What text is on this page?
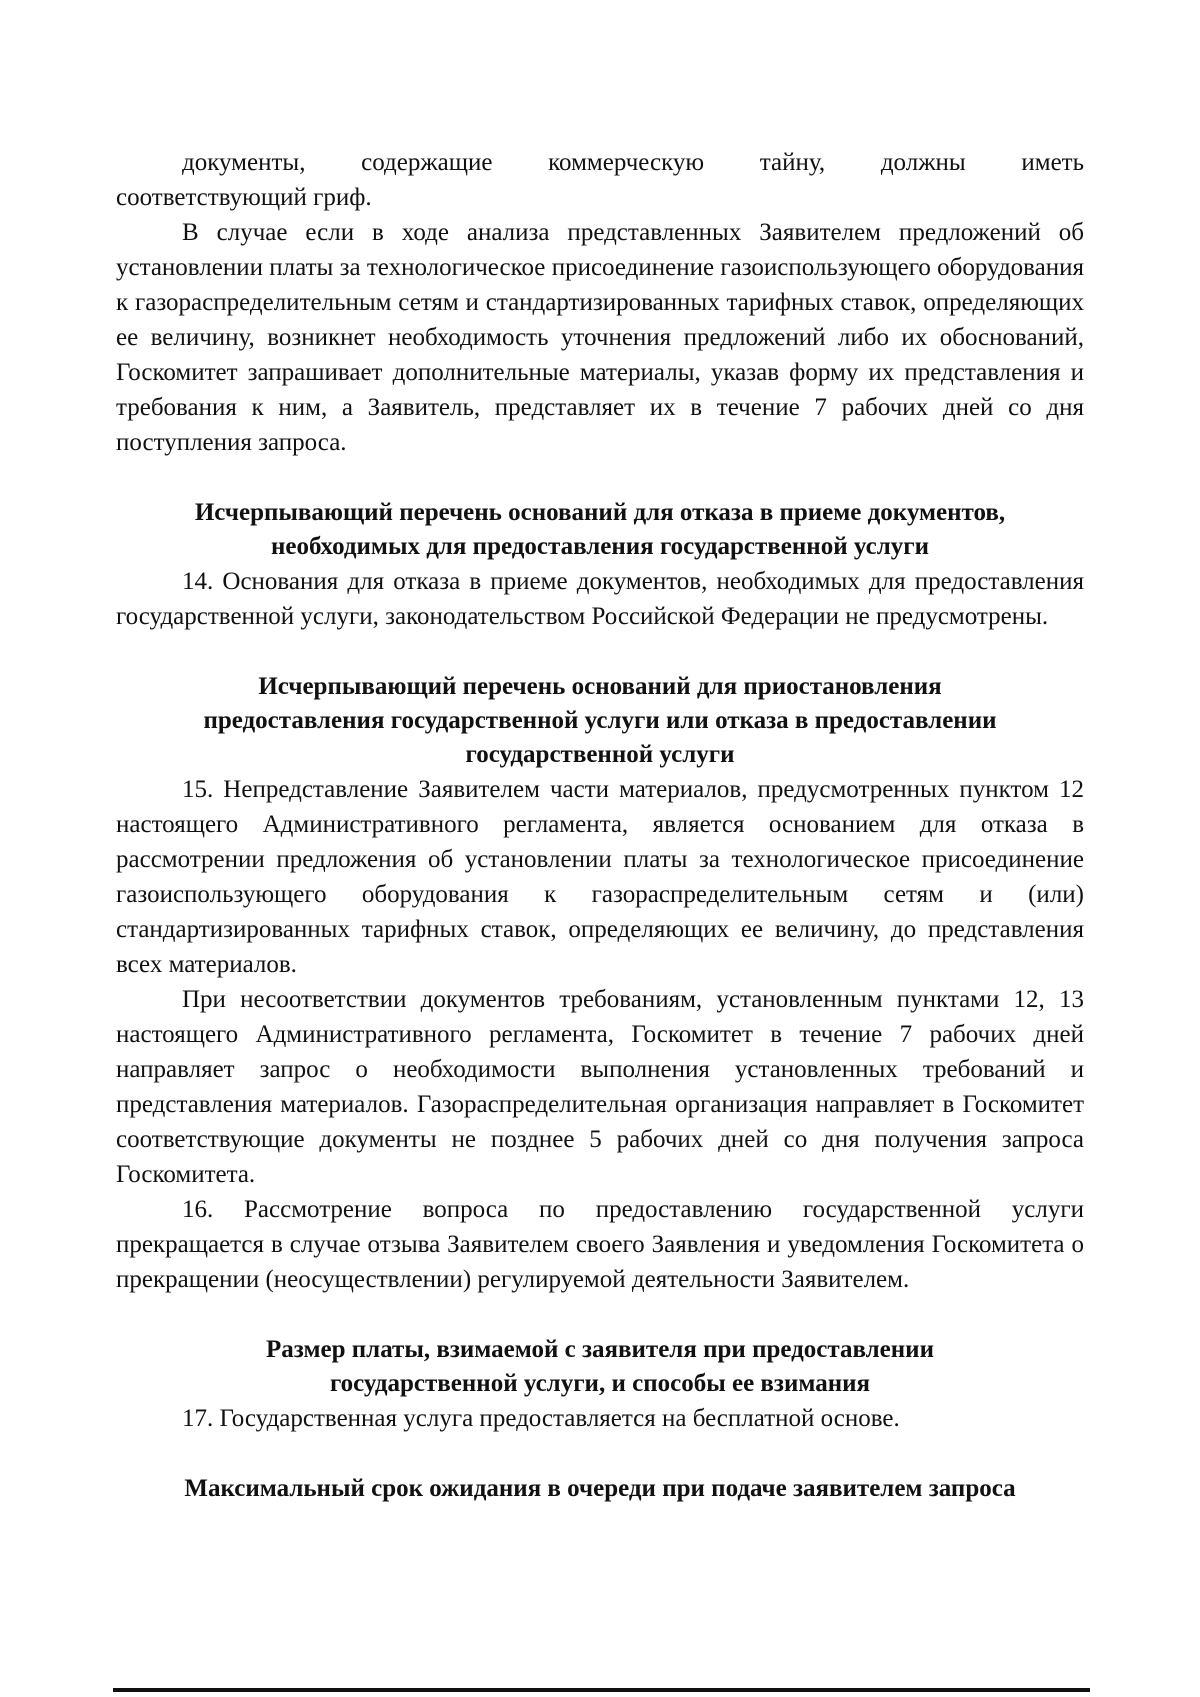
документы, содержащие коммерческую тайну, должны иметь

соответствующий гриф.

В случае если в ходе анализа представленных Заявителем предложений об установлении платы за технологическое присоединение газоиспользующего оборудования к газораспределительным сетям и стандартизированных тарифных ставок, определяющих ее величину, возникнет необходимость уточнения предложений либо их обоснований, Госкомитет запрашивает дополнительные материалы, указав форму их представления и требования к ним, а Заявитель, представляет их в течение 7 рабочих дней со дня поступления запроса.

Исчерпывающий перечень оснований для отказа в приеме документов,
необходимых для предоставления государственной услуги

14. Основания для отказа в приеме документов, необходимых для предоставления государственной услуги, законодательством Российской Федерации не предусмотрены.

Исчерпывающий перечень оснований для приостановления
предоставления государственной услуги или отказа в предоставлении
государственной услуги

15. Непредставление Заявителем части материалов, предусмотренных пунктом 12 настоящего Административного регламента, является основанием для отказа в рассмотрении предложения об установлении платы за технологическое присоединение газоиспользующего оборудования к газораспределительным сетям и (или) стандартизированных тарифных ставок, определяющих ее величину, до представления всех материалов.

При несоответствии документов требованиям, установленным пунктами 12, 13 настоящего Административного регламента, Госкомитет в течение 7 рабочих дней направляет запрос о необходимости выполнения установленных требований и представления материалов. Газораспределительная организация направляет в Госкомитет соответствующие документы не позднее 5 рабочих дней со дня получения запроса Госкомитета.

16. Рассмотрение вопроса по предоставлению государственной услуги прекращается в случае отзыва Заявителем своего Заявления и уведомления Госкомитета о прекращении (неосуществлении) регулируемой деятельности Заявителем.

Размер платы, взимаемой с заявителя при предоставлении
государственной услуги, и способы ее взимания

17. Государственная услуга предоставляется на бесплатной основе.

Максимальный срок ожидания в очереди при подаче заявителем запроса
